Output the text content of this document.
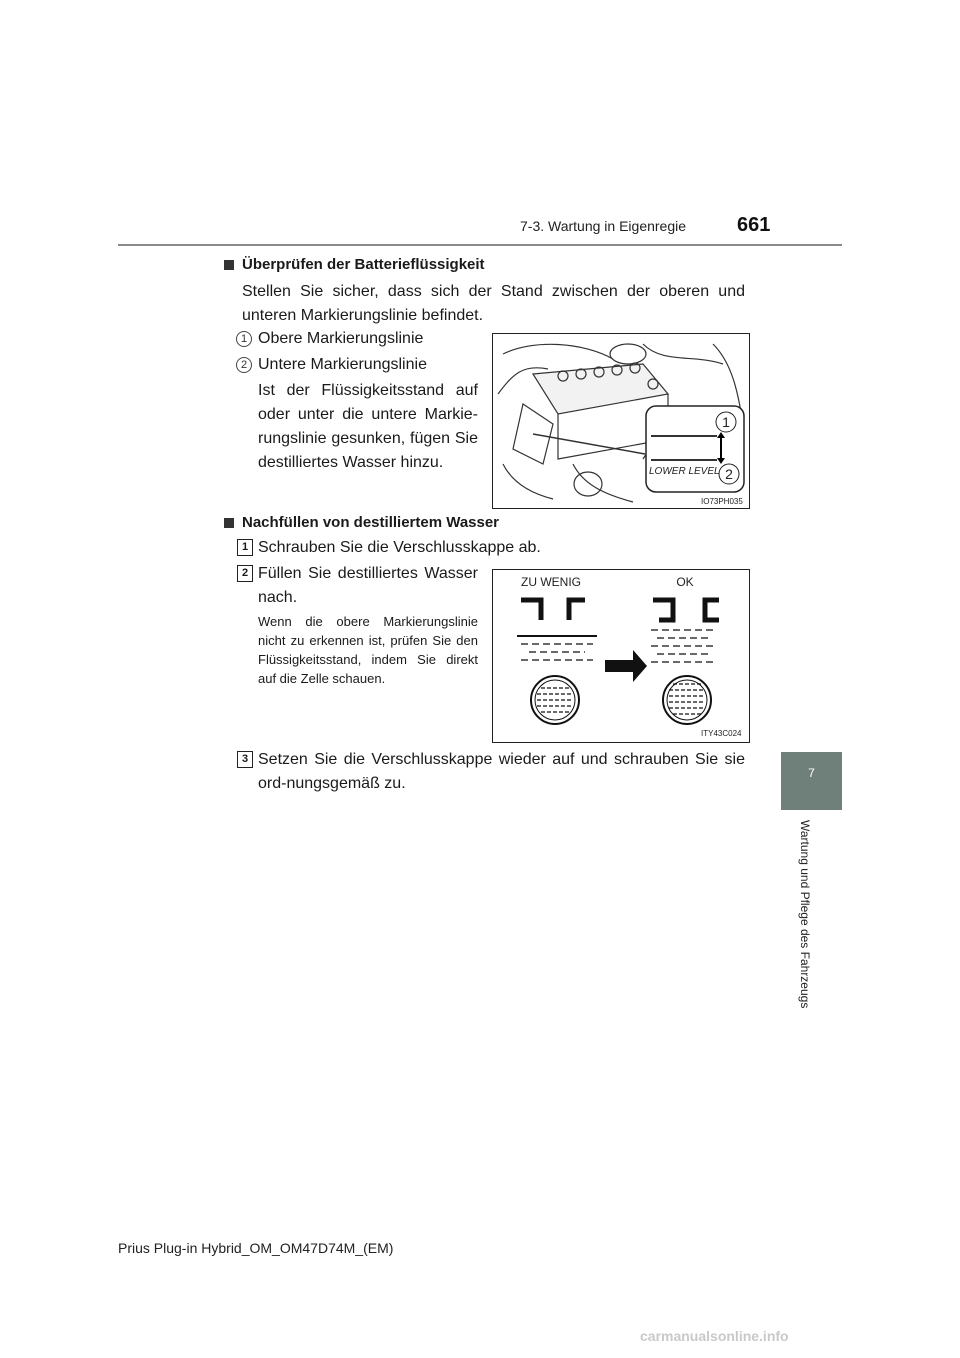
7-3. Wartung in Eigenregie	661
7
Wartung und Pflege des Fahrzeugs
Überprüfen der Batterieflüssigkeit
Stellen Sie sicher, dass sich der Stand zwischen der oberen und unteren Markierungslinie befindet.
1 Obere Markierungslinie
2 Untere Markierungslinie
Ist der Flüssigkeitsstand auf oder unter die untere Markie-rungslinie gesunken, fügen Sie destilliertes Wasser hinzu.
1
2
LOWER LEVEL
IO73PH035
Nachfüllen von destilliertem Wasser
1 Schrauben Sie die Verschlusskappe ab.
2 Füllen Sie destilliertes Wasser nach.
Wenn die obere Markierungslinie nicht zu erkennen ist, prüfen Sie den Flüssigkeitsstand, indem Sie direkt auf die Zelle schauen.
ZU WENIG	OK
ITY43C024
3 Setzen Sie die Verschlusskappe wieder auf und schrauben Sie sie ord-nungsgemäß zu.
Prius Plug-in Hybrid_OM_OM47D74M_(EM)
carmanualsonline.info
